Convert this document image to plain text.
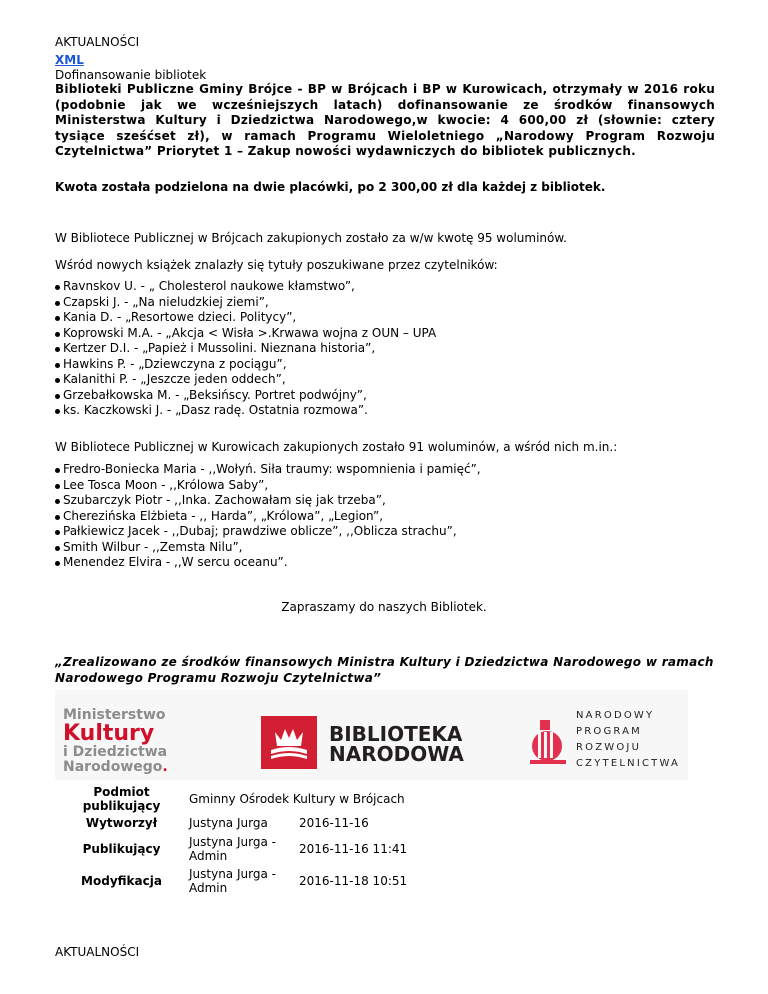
AKTUALNOŚCI
XML
Dofinansowanie bibliotek
Biblioteki Publiczne Gminy Brójce - BP w Brójcach i BP w Kurowicach, otrzymały w 2016 roku (podobnie jak we wcześniejszych latach) dofinansowanie ze środków finansowych Ministerstwa Kultury i Dziedzictwa Narodowego,w kwocie: 4 600,00 zł (słownie: cztery tysiące sześćset zł), w ramach Programu Wieloletniego „Narodowy Program Rozwoju Czytelnictwa” Priorytet 1 – Zakup nowości wydawniczych do bibliotek publicznych.
Kwota została podzielona na dwie placówki, po 2 300,00 zł dla każdej z bibliotek.
W Bibliotece Publicznej w Brójcach zakupionych zostało za w/w kwotę 95 woluminów.
Wśród nowych książek znalazły się tytuły poszukiwane przez czytelników:
Ravnskov U. - „ Cholesterol naukowe kłamstwo”,
Czapski J. - „Na nieludzkiej ziemi”,
Kania D. - „Resortowe dzieci. Politycy”,
Koprowski M.A. - „Akcja < Wisła >.Krwawa wojna z OUN – UPA
Kertzer D.I. - „Papież i Mussolini. Nieznana historia”,
Hawkins P. - „Dziewczyna z pociągu”,
Kalanithi P. - „Jeszcze jeden oddech”,
Grzebałkowska M. - „Beksińscy. Portret podwójny”,
ks. Kaczkowski J. - „Dasz radę. Ostatnia rozmowa”.
W Bibliotece Publicznej w Kurowicach zakupionych zostało 91 woluminów, a wśród nich m.in.:
Fredro-Boniecka Maria - ,,Wołyń. Siła traumy: wspomnienia i pamięć”,
Lee Tosca Moon - ,,Królowa Saby”,
Szubarczyk Piotr - ,,Inka. Zachowałam się jak trzeba”,
Cherezińska Elżbieta - ,, Harda”, „Królowa”, „Legion”,
Pałkiewicz Jacek - ,,Dubaj; prawdziwe oblicze”, ,,Oblicza strachu”,
Smith Wilbur - ,,Zemsta Nilu”,
Menendez Elvira - ,,W sercu oceanu”.
Zapraszamy do naszych Bibliotek.
„Zrealizowano ze środków finansowych Ministra Kultury i Dziedzictwa Narodowego w ramach Narodowego Programu Rozwoju Czytelnictwa”
Ministerstwo
Kultury
i Dziedzictwa
Narodowego.
BIBLIOTEKA
NARODOWA
NARODOWY
PROGRAM
ROZWOJU
CZYTELNICTWA
Podmiot publikujący	Gminny Ośrodek Kultury w Brójcach	
Wytworzył	Justyna Jurga	2016-11-16
Publikujący	Justyna Jurga - Admin	2016-11-16 11:41
Modyfikacja	Justyna Jurga - Admin	2016-11-18 10:51
AKTUALNOŚCI
